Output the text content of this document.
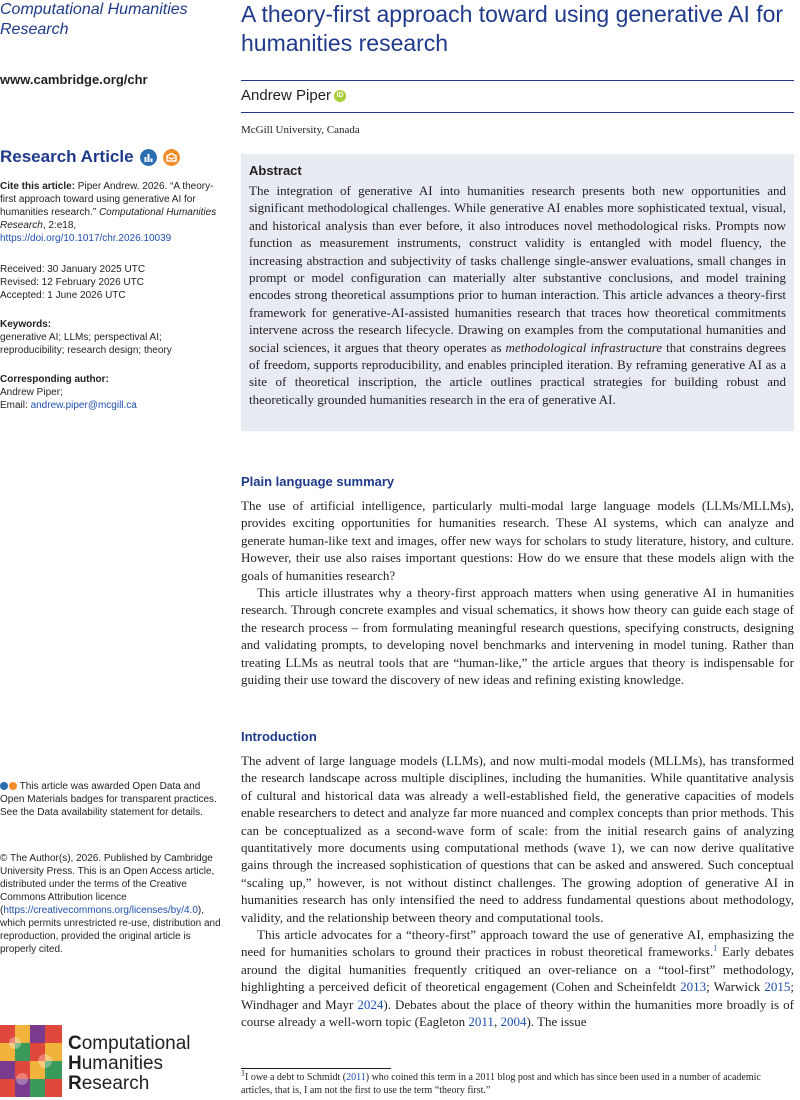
Computational Humanities
Research
www.cambridge.org/chr
Research Article
Cite this article: Piper Andrew. 2026. “A theory-first approach toward using generative AI for humanities research.” Computational Humanities Research, 2:e18, https://doi.org/10.1017/chr.2026.10039
Received: 30 January 2025 UTC
Revised: 12 February 2026 UTC
Accepted: 1 June 2026 UTC
Keywords:
generative AI; LLMs; perspectival AI; reproducibility; research design; theory
Corresponding author:
Andrew Piper;
Email: andrew.piper@mcgill.ca
This article was awarded Open Data and Open Materials badges for transparent practices. See the Data availability statement for details.
© The Author(s), 2026. Published by Cambridge University Press. This is an Open Access article, distributed under the terms of the Creative Commons Attribution licence (https://creativecommons.org/licenses/by/4.0), which permits unrestricted re-use, distribution and reproduction, provided the original article is properly cited.
Computational
Humanities
Research
A theory-first approach toward using generative AI for humanities research
Andrew Piper iD
McGill University, Canada
Abstract
The integration of generative AI into humanities research presents both new opportunities and significant methodological challenges. While generative AI enables more sophisticated textual, visual, and historical analysis than ever before, it also introduces novel methodological risks. Prompts now function as measurement instruments, construct validity is entangled with model fluency, the increasing abstraction and subjectivity of tasks challenge single-answer evaluations, small changes in prompt or model configuration can materially alter substantive conclusions, and model training encodes strong theoretical assumptions prior to human interaction. This article advances a theory-first framework for generative-AI-assisted humanities research that traces how theoretical commitments intervene across the research lifecycle. Drawing on examples from the computational humanities and social sciences, it argues that theory operates as methodological infrastructure that constrains degrees of freedom, supports reproducibility, and enables principled iteration. By reframing generative AI as a site of theoretical inscription, the article outlines practical strategies for building robust and theoretically grounded humanities research in the era of generative AI.
Plain language summary

The use of artificial intelligence, particularly multi-modal large language models (LLMs/MLLMs), provides exciting opportunities for humanities research. These AI systems, which can analyze and generate human-like text and images, offer new ways for scholars to study literature, history, and culture. However, their use also raises important questions: How do we ensure that these models align with the goals of humanities research?

This article illustrates why a theory-first approach matters when using generative AI in humanities research. Through concrete examples and visual schematics, it shows how theory can guide each stage of the research process – from formulating meaningful research questions, specifying constructs, designing and validating prompts, to developing novel benchmarks and intervening in model tuning. Rather than treating LLMs as neutral tools that are “human-like,” the article argues that theory is indispensable for guiding their use toward the discovery of new ideas and refining existing knowledge.

Introduction

The advent of large language models (LLMs), and now multi-modal models (MLLMs), has transformed the research landscape across multiple disciplines, including the humanities. While quantitative analysis of cultural and historical data was already a well-established field, the generative capacities of models enable researchers to detect and analyze far more nuanced and complex concepts than prior methods. This can be conceptualized as a second-wave form of scale: from the initial research gains of analyzing quantitatively more documents using computational methods (wave 1), we can now derive qualitative gains through the increased sophistication of questions that can be asked and answered. Such conceptual “scaling up,” however, is not without distinct challenges. The growing adoption of generative AI in humanities research has only intensified the need to address fundamental questions about methodology, validity, and the relationship between theory and computational tools.

This article advocates for a “theory-first” approach toward the use of generative AI, emphasizing the need for humanities scholars to ground their practices in robust theoretical frameworks.$^1$ Early debates around the digital humanities frequently critiqued an over-reliance on a “tool-first” methodology, highlighting a perceived deficit of theoretical engagement (Cohen and Scheinfeldt 2013; Warwick 2015; Windhager and Mayr 2024). Debates about the place of theory within the humanities more broadly is of course already a well-worn topic (Eagleton 2011, 2004). The issue

$^1$I owe a debt to Schmidt (2011) who coined this term in a 2011 blog post and which has since been used in a number of academic articles, that is, I am not the first to use the term “theory first.”
